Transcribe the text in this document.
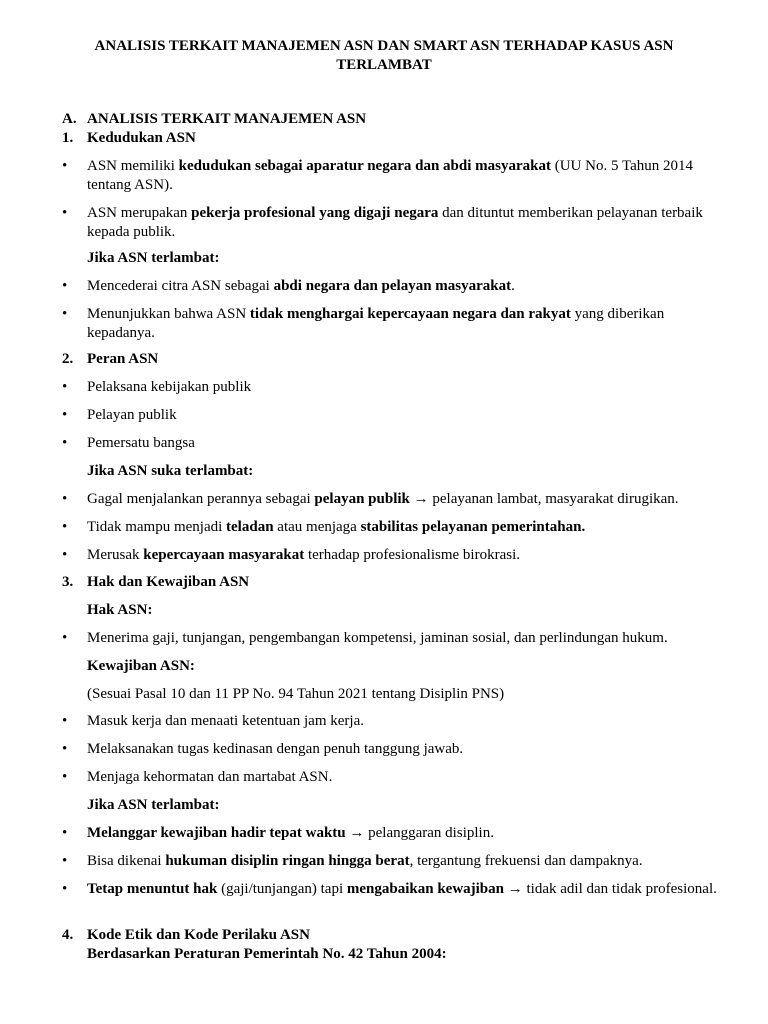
ANALISIS TERKAIT MANAJEMEN ASN DAN SMART ASN TERHADAP KASUS ASN
TERLAMBAT
A. ANALISIS TERKAIT MANAJEMEN ASN
1. Kedudukan ASN
•	ASN memiliki kedudukan sebagai aparatur negara dan abdi masyarakat (UU No. 5 Tahun 2014 tentang ASN).
•	ASN merupakan pekerja profesional yang digaji negara dan dituntut memberikan pelayanan terbaik kepada publik.
Jika ASN terlambat:
•	Mencederai citra ASN sebagai abdi negara dan pelayan masyarakat.
•	Menunjukkan bahwa ASN tidak menghargai kepercayaan negara dan rakyat yang diberikan kepadanya.
2. Peran ASN
•	Pelaksana kebijakan publik
•	Pelayan publik
•	Pemersatu bangsa
Jika ASN suka terlambat:
•	Gagal menjalankan perannya sebagai pelayan publik → pelayanan lambat, masyarakat dirugikan.
•	Tidak mampu menjadi teladan atau menjaga stabilitas pelayanan pemerintahan.
•	Merusak kepercayaan masyarakat terhadap profesionalisme birokrasi.
3. Hak dan Kewajiban ASN
Hak ASN:
•	Menerima gaji, tunjangan, pengembangan kompetensi, jaminan sosial, dan perlindungan hukum.
Kewajiban ASN:
(Sesuai Pasal 10 dan 11 PP No. 94 Tahun 2021 tentang Disiplin PNS)
•	Masuk kerja dan menaati ketentuan jam kerja.
•	Melaksanakan tugas kedinasan dengan penuh tanggung jawab.
•	Menjaga kehormatan dan martabat ASN.
Jika ASN terlambat:
•	Melanggar kewajiban hadir tepat waktu → pelanggaran disiplin.
•	Bisa dikenai hukuman disiplin ringan hingga berat, tergantung frekuensi dan dampaknya.
•	Tetap menuntut hak (gaji/tunjangan) tapi mengabaikan kewajiban → tidak adil dan tidak profesional.
4. Kode Etik dan Kode Perilaku ASN
Berdasarkan Peraturan Pemerintah No. 42 Tahun 2004:
